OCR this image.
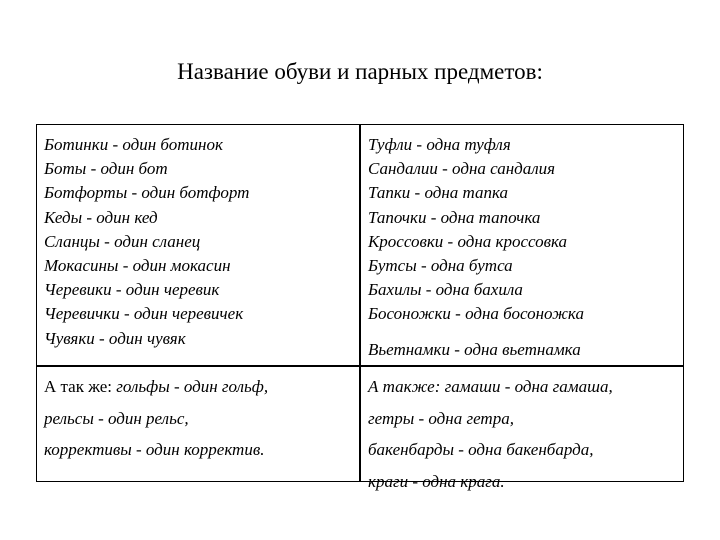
Название обуви и парных предметов:
Ботинки - один ботинок
Боты - один бот
Ботфорты - один ботфорт
Кеды - один кед
Сланцы - один сланец
Мокасины - один мокасин
Черевики - один черевик
Черевички - один черевичек
Чувяки - один чувяк
Туфли - одна туфля
Сандалии - одна сандалия
Тапки - одна тапка
Тапочки - одна тапочка
Кроссовки - одна кроссовка
Бутсы - одна бутса
Бахилы - одна бахила
Босоножки - одна босоножка
Вьетнамки - одна вьетнамка
А так же: гольфы - один гольф,
рельсы - один рельс,
коррективы - один корректив.
А также: гамаши - одна гамаша,
гетры - одна гетра,
бакенбарды - одна бакенбарда,
краги - одна крага.
